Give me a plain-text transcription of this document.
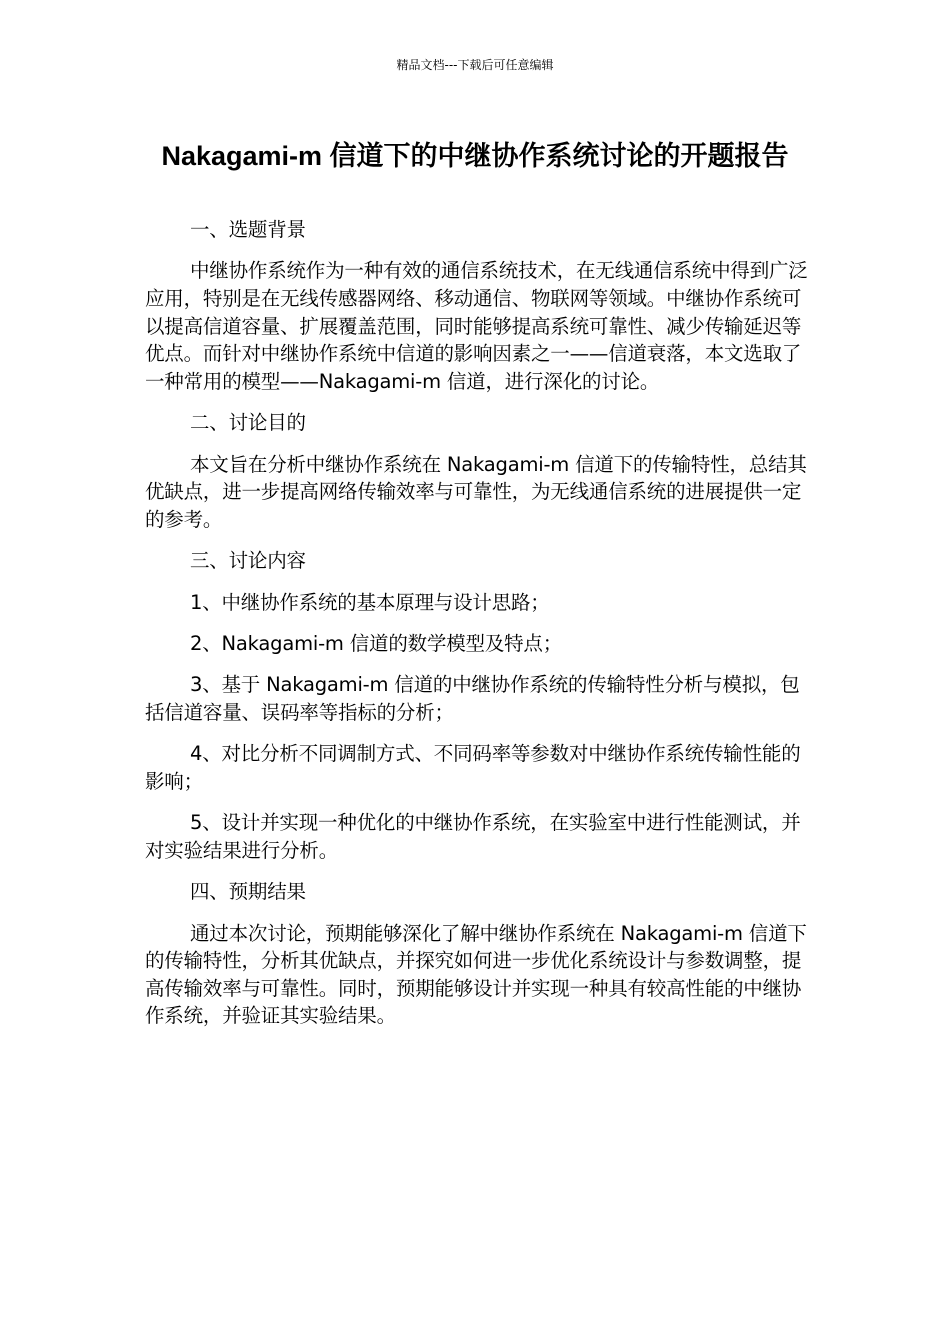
精品文档---下载后可任意编辑
Nakagami-m 信道下的中继协作系统讨论的开题报告

一、选题背景

中继协作系统作为一种有效的通信系统技术，在无线通信系统中得到广泛应用，特别是在无线传感器网络、移动通信、物联网等领域。中继协作系统可以提高信道容量、扩展覆盖范围，同时能够提高系统可靠性、减少传输延迟等优点。而针对中继协作系统中信道的影响因素之一——信道衰落，本文选取了一种常用的模型——Nakagami-m 信道，进行深化的讨论。

二、讨论目的

本文旨在分析中继协作系统在 Nakagami-m 信道下的传输特性，总结其优缺点，进一步提高网络传输效率与可靠性，为无线通信系统的进展提供一定的参考。

三、讨论内容

1、中继协作系统的基本原理与设计思路；

2、Nakagami-m 信道的数学模型及特点；

3、基于 Nakagami-m 信道的中继协作系统的传输特性分析与模拟，包括信道容量、误码率等指标的分析；

4、对比分析不同调制方式、不同码率等参数对中继协作系统传输性能的影响；

5、设计并实现一种优化的中继协作系统，在实验室中进行性能测试，并对实验结果进行分析。

四、预期结果

通过本次讨论，预期能够深化了解中继协作系统在 Nakagami-m 信道下的传输特性，分析其优缺点，并探究如何进一步优化系统设计与参数调整，提高传输效率与可靠性。同时，预期能够设计并实现一种具有较高性能的中继协作系统，并验证其实验结果。
